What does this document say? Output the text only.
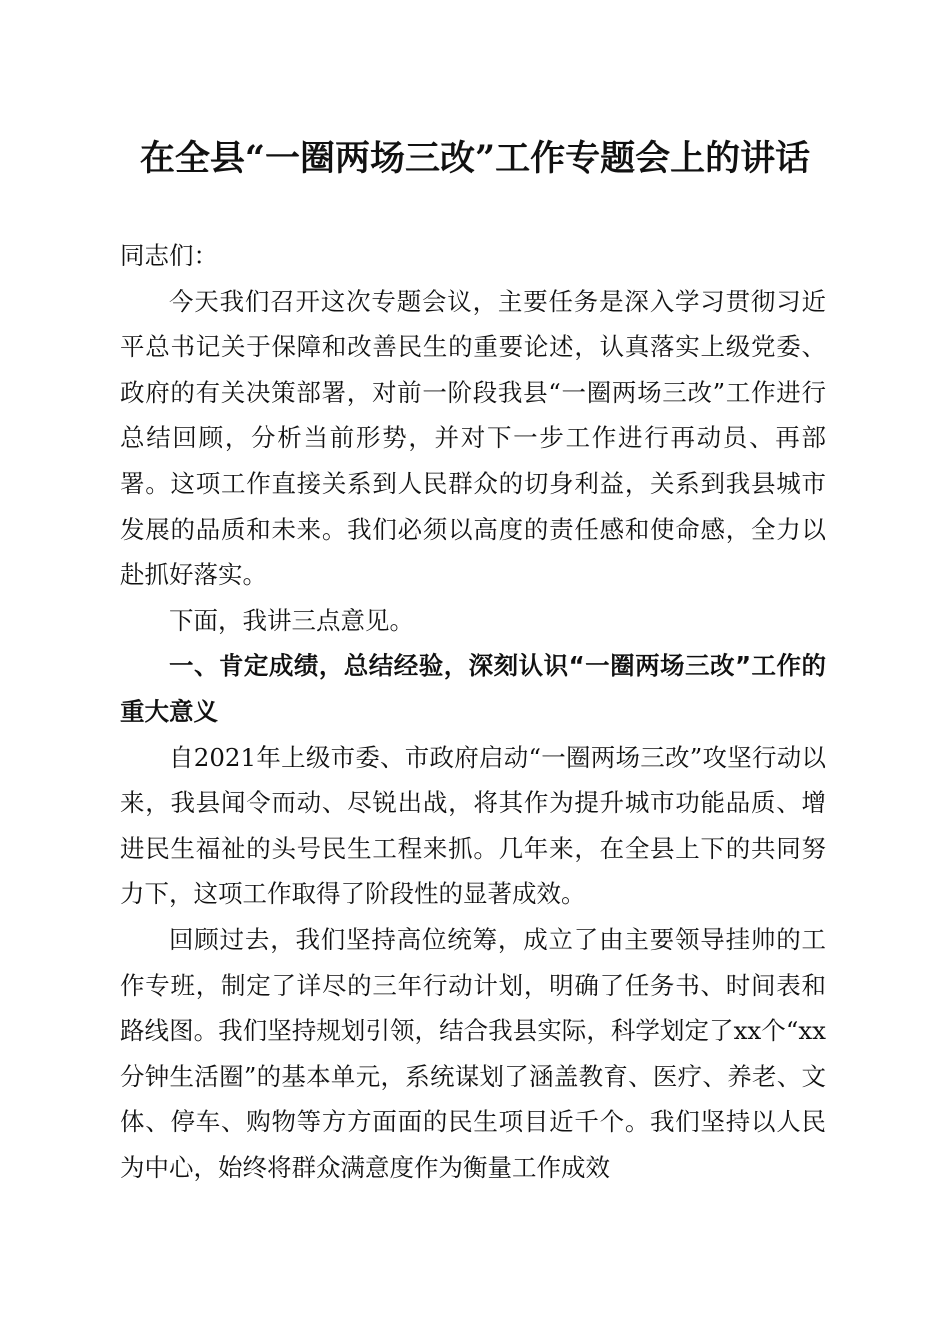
在全县“一圈两场三改”工作专题会上的讲话

同志们：

今天我们召开这次专题会议，主要任务是深入学习贯彻习近平总书记关于保障和改善民生的重要论述，认真落实上级党委、政府的有关决策部署，对前一阶段我县“一圈两场三改”工作进行总结回顾，分析当前形势，并对下一步工作进行再动员、再部署。这项工作直接关系到人民群众的切身利益，关系到我县城市发展的品质和未来。我们必须以高度的责任感和使命感，全力以赴抓好落实。

下面，我讲三点意见。

一、肯定成绩，总结经验，深刻认识“一圈两场三改”工作的重大意义

自2021年上级市委、市政府启动“一圈两场三改”攻坚行动以来，我县闻令而动、尽锐出战，将其作为提升城市功能品质、增进民生福祉的头号民生工程来抓。几年来，在全县上下的共同努力下，这项工作取得了阶段性的显著成效。

回顾过去，我们坚持高位统筹，成立了由主要领导挂帅的工作专班，制定了详尽的三年行动计划，明确了任务书、时间表和路线图。我们坚持规划引领，结合我县实际，科学划定了xx个“xx分钟生活圈”的基本单元，系统谋划了涵盖教育、医疗、养老、文体、停车、购物等方方面面的民生项目近千个。我们坚持以人民为中心，始终将群众满意度作为衡量工作成效
